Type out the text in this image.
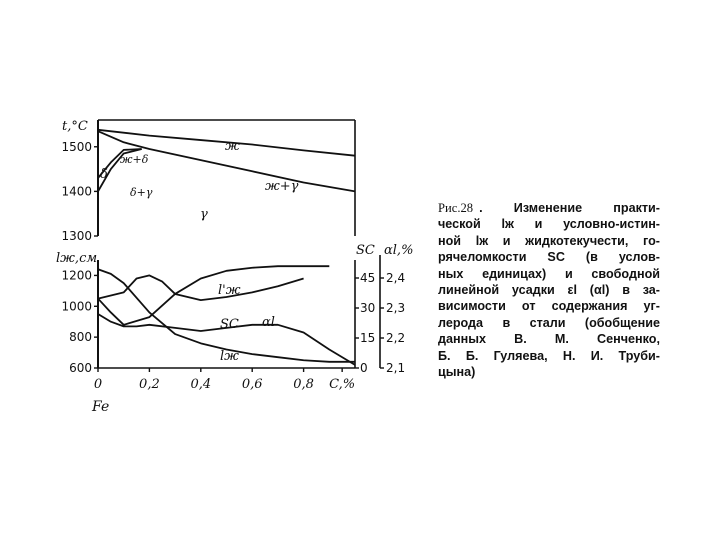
t,°C
1500
1400
1300
ж
ж+δ
δ
δ+γ	ж+γ
γ
lж,см
SC αl,%
1200
1000
800
600
45
30
15
0
2,4
2,3
2,2
2,1
0	0,2 0,4 0,6 0,8 C,%
l'ж
SC αl
lж
Fe
Рис.28 . Изменение практи-
ческой lж и условно-истин-
ной lж и жидкотекучести, го-
рячеломкости SC (в услов-
ных единицах) и свободной
линейной усадки εl (αl) в за-
висимости от содержания уг-
лерода в стали (обобщение
данных В. М. Сенченко,
Б. Б. Гуляева, Н. И. Труби-
цына)
